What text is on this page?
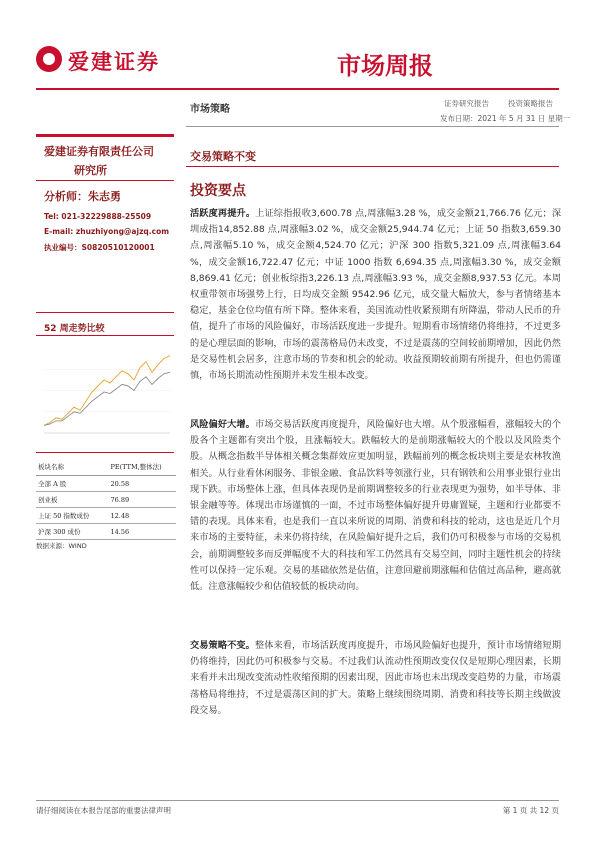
爱建证券	市场周报
市场策略
证券研究报告	投资策略报告
发布日期：2021 年 5 月 31 日 星期一
爱建证券有限责任公司
研究所
分析师：朱志勇
Tel: 021-32229888-25509
E-mail: zhuzhiyong@ajzq.com
执业编号：S0820510120001
52 周走势比较
板块名称	PE(TTM,整体法)
全部 A 股	20.58
创业板	76.89
上证 50 指数成份	12.48
沪深 300 成份	14.56
数据来源：WIND
交易策略不变
投资要点
活跃度再提升。上证综指报收3,600.78 点,周涨幅3.28 %，成交金额21,766.76 亿元；深圳成指14,852.88 点,周涨幅3.02 %，成交金额25,944.74 亿元；上证 50 指数3,659.30 点,周涨幅5.10 %，成交金额4,524.70 亿元；沪深 300 指数5,321.09 点,周涨幅3.64 %，成交金额16,722.47 亿元；中证 1000 指数 6,694.35 点,周涨幅3.30 %，成交金额8,869.41 亿元；创业板综指3,226.13 点,周涨幅3.93 %，成交金额8,937.53 亿元。本周权重带领市场强势上行，日均成交金额 9542.96 亿元，成交量大幅放大，参与者情绪基本稳定，基金仓位均值有所下降。整体来看，美国流动性收紧预期有所降温，带动人民币的升值，提升了市场的风险偏好，市场活跃度进一步提升。短期看市场情绪仍将维持，不过更多的是心理层面的影响，市场的震荡格局仍未改变，不过是震荡的空间较前期增加，因此仍然是交易性机会居多，注意市场的节奏和机会的轮动。收益预期较前期有所提升，但也仍需谨慎，市场长期流动性预期并未发生根本改变。
风险偏好大增。市场交易活跃度再度提升，风险偏好也大增。从个股涨幅看，涨幅较大的个股各个主题都有突出个股，且涨幅较大。跌幅较大的是前期涨幅较大的个股以及风险类个股。从概念指数半导体相关概念集群效应更加明显，跌幅前列的概念板块则主要是农林牧渔相关。从行业看休闲服务、非银金融、食品饮料等领涨行业，只有钢铁和公用事业银行业出现下跌。市场整体上涨，但具体表现仍是前期调整较多的行业表现更为强势，如半导体、非银金融等等。体现出市场谨慎的一面，不过市场整体偏好提升毋庸置疑，主题和行业都要不错的表现。具体来看，也是我们一直以来所说的周期、消费和科技的轮动，这也是近几个月来市场的主要特征，未来仍将持续，在风险偏好提升之后，我们仍可积极参与市场的交易机会，前期调整较多而反弹幅度不大的科技和军工仍然具有交易空间，同时主题性机会的持续性可以保持一定乐观。交易的基础依然是估值，注意回避前期涨幅和估值过高品种，避高就低。注意涨幅较少和估值较低的板块动向。
交易策略不变。整体来看，市场活跃度再度提升，市场风险偏好也提升，预计市场情绪短期仍将维持，因此仍可积极参与交易。不过我们认流动性预期改变仅仅是短期心理因素，长期来看并未出现改变流动性收缩预期的因素出现，因此市场也未出现改变趋势的力量，市场震荡格局将维持，不过是震荡区间的扩大。策略上继续围绕周期、消费和科技等长期主线做波段交易。
请仔细阅读在本报告尾部的重要法律声明	第 1 页 共 12 页
